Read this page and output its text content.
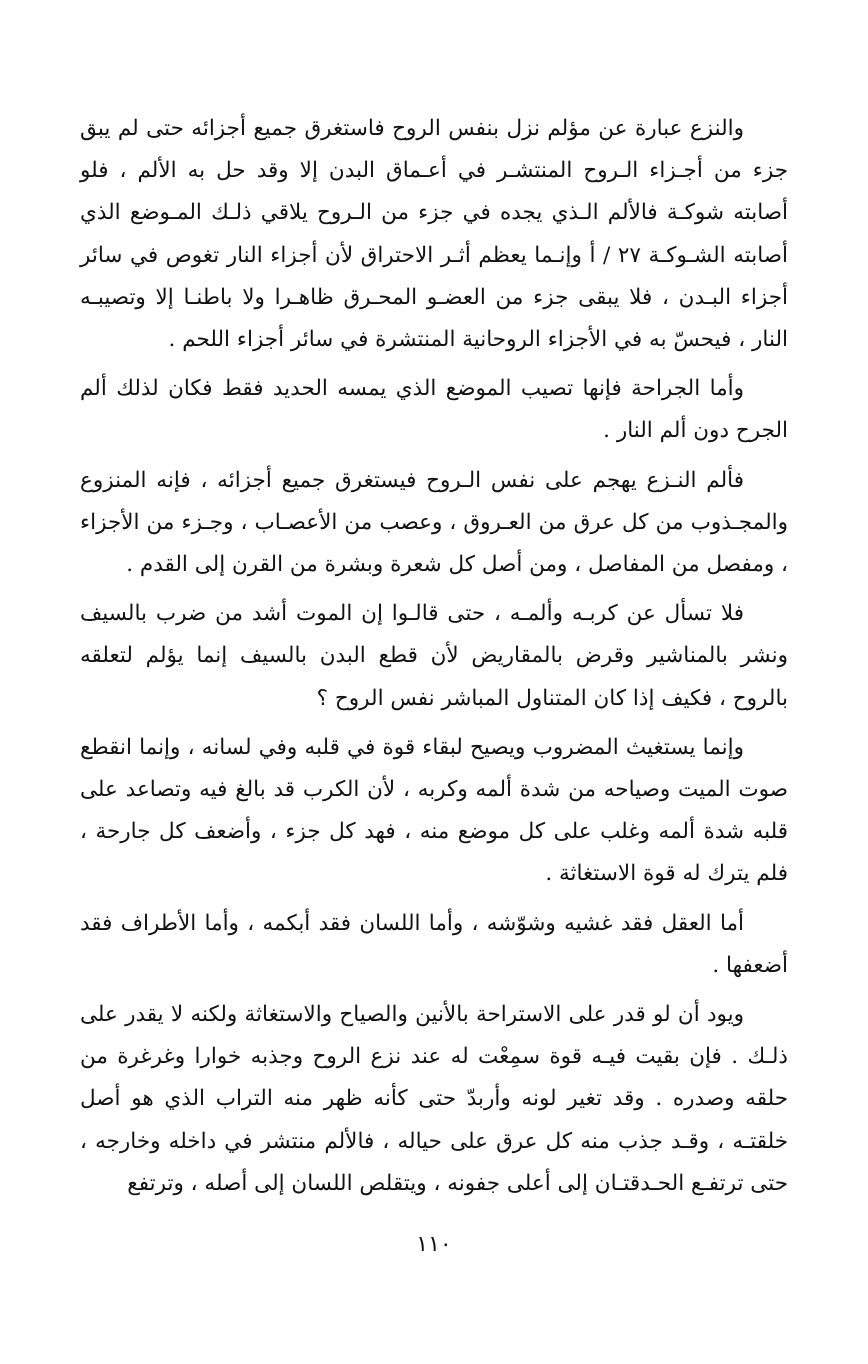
والنزع عبارة عن مؤلم نزل بنفس الروح فاستغرق جميع أجزائه حتى لم يبق جزء من أجـزاء الـروح المنتشـر في أعـماق البدن إلا وقد حل به الألم ، فلو أصابته شوكـة فالألم الـذي يجده في جزء من الـروح يلاقي ذلـك المـوضع الذي أصابته الشـوكـة ٢٧ / أ وإنـما يعظم أثـر الاحتراق لأن أجزاء النار تغوص في سائر أجزاء البـدن ، فلا يبقى جزء من العضـو المحـرق ظاهـرا ولا باطنـا إلا وتصيبـه النار ، فيحسّ به في الأجزاء الروحانية المنتشرة في سائر أجزاء اللحم .

وأما الجراحة فإنها تصيب الموضع الذي يمسه الحديد فقط فكان لذلك ألم الجرح دون ألم النار .

فألم النـزع يهجم على نفس الـروح فيستغرق جميع أجزائه ، فإنه المنزوع والمجـذوب من كل عرق من العـروق ، وعصب من الأعصـاب ، وجـزء من الأجزاء ، ومفصل من المفاصل ، ومن أصل كل شعرة وبشرة من القرن إلى القدم .

فلا تسأل عن كربـه وألمـه ، حتى قالـوا إن الموت أشد من ضرب بالسيف ونشر بالمناشير وقرض بالمقاريض لأن قطع البدن بالسيف إنما يؤلم لتعلقه بالروح ، فكيف إذا كان المتناول المباشر نفس الروح ؟

وإنما يستغيث المضروب ويصيح لبقاء قوة في قلبه وفي لسانه ، وإنما انقطع صوت الميت وصياحه من شدة ألمه وكربه ، لأن الكرب قد بالغ فيه وتصاعد على قلبه شدة ألمه وغلب على كل موضع منه ، فهد كل جزء ، وأضعف كل جارحة ، فلم يترك له قوة الاستغاثة .

أما العقل فقد غشيه وشوّشه ، وأما اللسان فقد أبكمه ، وأما الأطراف فقد أضعفها .

ويود أن لو قدر على الاستراحة بالأنين والصياح والاستغاثة ولكنه لا يقدر على ذلـك . فإن بقيت فيـه قوة سمِعْت له عند نزع الروح وجذبه خوارا وغرغرة من حلقه وصدره . وقد تغير لونه وأربدّ حتى كأنه ظهر منه التراب الذي هو أصل خلقتـه ، وقـد جذب منه كل عرق على حياله ، فالألم منتشر في داخله وخارجه ، حتى ترتفـع الحـدقتـان إلى أعلى جفونه ، ويتقلص اللسان إلى أصله ، وترتفع

١١٠
